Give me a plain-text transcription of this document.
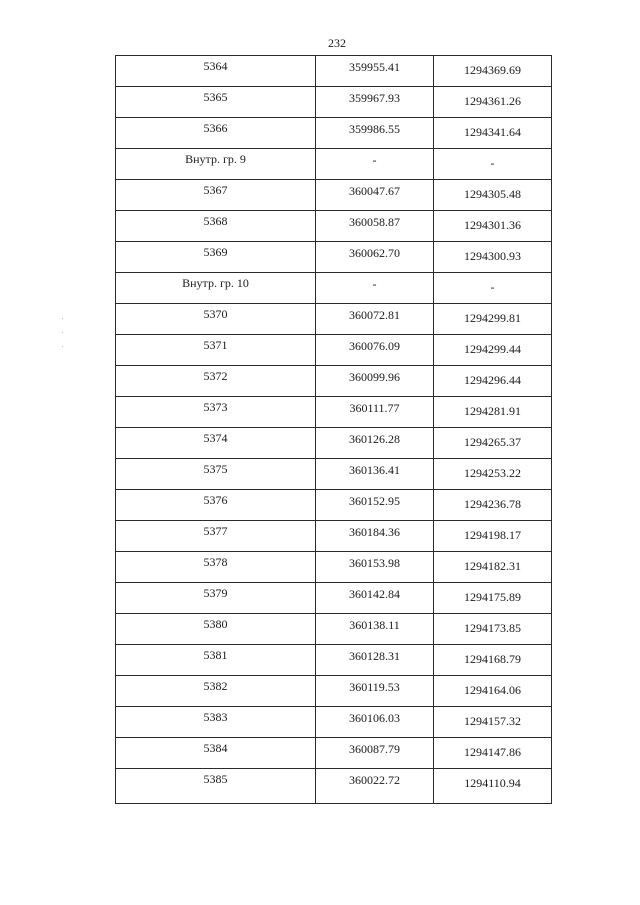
232
5364	359955.41	1294369.69

5365	359967.93	1294361.26

5366	359986.55	1294341.64

Внутр. гр. 9	-	-

5367	360047.67	1294305.48

5368	360058.87	1294301.36

5369	360062.70	1294300.93

Внутр. гр. 10	-	-

5370	360072.81	1294299.81

5371	360076.09	1294299.44

5372	360099.96	1294296.44

5373	360111.77	1294281.91

5374	360126.28	1294265.37

5375	360136.41	1294253.22

5376	360152.95	1294236.78

5377	360184.36	1294198.17

5378	360153.98	1294182.31

5379	360142.84	1294175.89

5380	360138.11	1294173.85

5381	360128.31	1294168.79

5382	360119.53	1294164.06

5383	360106.03	1294157.32

5384	360087.79	1294147.86

5385	360022.72	1294110.94
